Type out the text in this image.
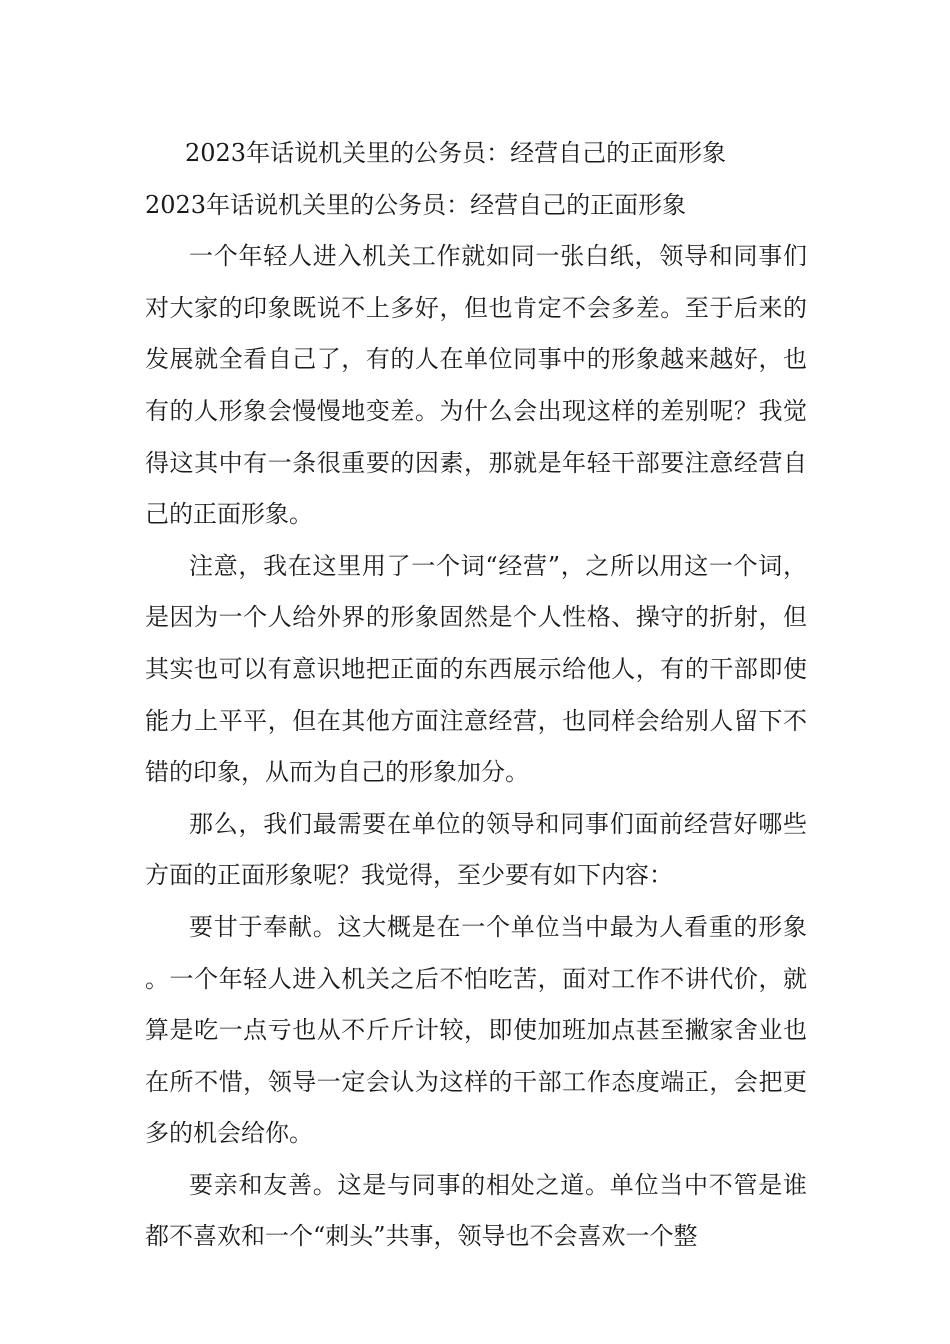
2023年话说机关里的公务员：经营自己的正面形象

2023年话说机关里的公务员：经营自己的正面形象

一个年轻人进入机关工作就如同一张白纸，领导和同事们对大家的印象既说不上多好，但也肯定不会多差。至于后来的发展就全看自己了，有的人在单位同事中的形象越来越好，也有的人形象会慢慢地变差。为什么会出现这样的差别呢？我觉得这其中有一条很重要的因素，那就是年轻干部要注意经营自己的正面形象。

注意，我在这里用了一个词“经营”，之所以用这一个词，是因为一个人给外界的形象固然是个人性格、操守的折射，但其实也可以有意识地把正面的东西展示给他人，有的干部即使能力上平平，但在其他方面注意经营，也同样会给别人留下不错的印象，从而为自己的形象加分。

那么，我们最需要在单位的领导和同事们面前经营好哪些方面的正面形象呢？我觉得，至少要有如下内容：

要甘于奉献。这大概是在一个单位当中最为人看重的形象。一个年轻人进入机关之后不怕吃苦，面对工作不讲代价，就算是吃一点亏也从不斤斤计较，即使加班加点甚至撇家舍业也在所不惜，领导一定会认为这样的干部工作态度端正，会把更多的机会给你。

要亲和友善。这是与同事的相处之道。单位当中不管是谁都不喜欢和一个“刺头”共事，领导也不会喜欢一个整
